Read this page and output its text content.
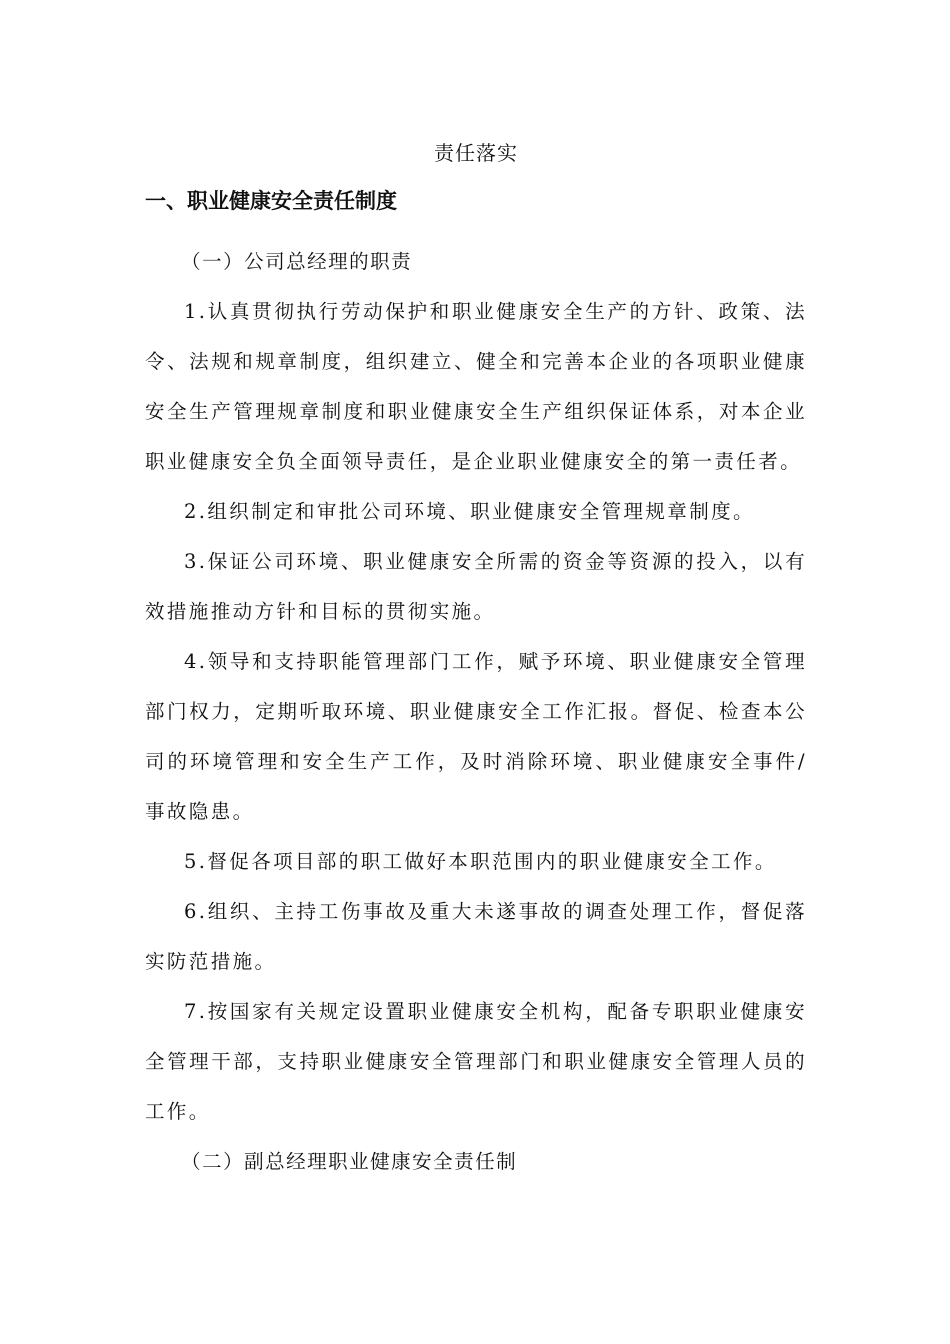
责任落实
一、职业健康安全责任制度

（一）公司总经理的职责

1.认真贯彻执行劳动保护和职业健康安全生产的方针、政策、法令、法规和规章制度，组织建立、健全和完善本企业的各项职业健康安全生产管理规章制度和职业健康安全生产组织保证体系，对本企业职业健康安全负全面领导责任，是企业职业健康安全的第一责任者。

2.组织制定和审批公司环境、职业健康安全管理规章制度。

3.保证公司环境、职业健康安全所需的资金等资源的投入，以有效措施推动方针和目标的贯彻实施。

4.领导和支持职能管理部门工作，赋予环境、职业健康安全管理部门权力，定期听取环境、职业健康安全工作汇报。督促、检查本公司的环境管理和安全生产工作，及时消除环境、职业健康安全事件/事故隐患。

5.督促各项目部的职工做好本职范围内的职业健康安全工作。

6.组织、主持工伤事故及重大未遂事故的调查处理工作，督促落实防范措施。

7.按国家有关规定设置职业健康安全机构，配备专职职业健康安全管理干部，支持职业健康安全管理部门和职业健康安全管理人员的工作。

（二）副总经理职业健康安全责任制
